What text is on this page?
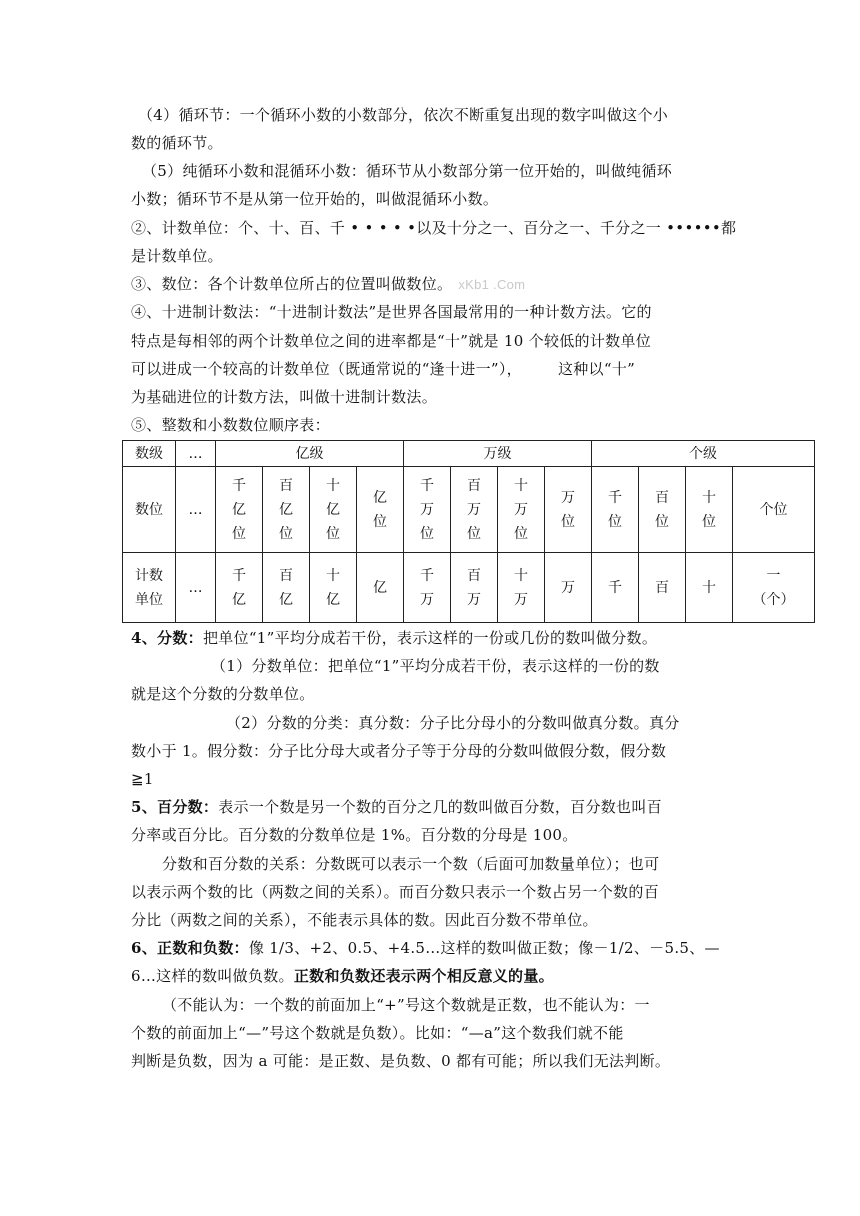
（4）循环节：一个循环小数的小数部分，依次不断重复出现的数字叫做这个小
数的循环节。
（5）纯循环小数和混循环小数：循环节从小数部分第一位开始的，叫做纯循环
小数；循环节不是从第一位开始的，叫做混循环小数。
②、计数单位：个、十、百、千 • • • • •以及十分之一、百分之一、千分之一 ••••••都
是计数单位。
③、数位：各个计数单位所占的位置叫做数位。 xKb1 .Com
④、十进制计数法：“十进制计数法”是世界各国最常用的一种计数方法。它的
特点是每相邻的两个计数单位之间的进率都是“十”就是 10 个较低的计数单位
可以进成一个较高的计数单位（既通常说的“逢十进一”）， 这种以“十”
为基础进位的计数方法，叫做十进制计数法。
⑤、整数和小数数位顺序表：
数级	…	亿级				万级				个级			
数位	…	千
亿
位	百
亿
位	十
亿
位	亿
位	千
万
位	百
万
位	十
万
位	万
位	千
位	百
位	十
位	个位
计数
单位	…	千
亿	百
亿	十
亿	亿	千
万	百
万	十
万	万	千	百	十	一
（个）
4、分数：把单位“1”平均分成若干份，表示这样的一份或几份的数叫做分数。
（1）分数单位：把单位“1”平均分成若干份，表示这样的一份的数
就是这个分数的分数单位。
（2）分数的分类：真分数：分子比分母小的分数叫做真分数。真分
数小于 1。假分数：分子比分母大或者分子等于分母的分数叫做假分数，假分数
≧1
5、百分数：表示一个数是另一个数的百分之几的数叫做百分数，百分数也叫百
分率或百分比。百分数的分数单位是 1%。百分数的分母是 100。
分数和百分数的关系：分数既可以表示一个数（后面可加数量单位）；也可
以表示两个数的比（两数之间的关系）。而百分数只表示一个数占另一个数的百
分比（两数之间的关系），不能表示具体的数。因此百分数不带单位。
6、正数和负数：像 1/3、+2、0.5、+4.5…这样的数叫做正数；像－1/2、－5.5、—
6…这样的数叫做负数。正数和负数还表示两个相反意义的量。
（不能认为：一个数的前面加上“+”号这个数就是正数，也不能认为：一
个数的前面加上“—”号这个数就是负数）。比如：“—a”这个数我们就不能
判断是负数，因为 a 可能：是正数、是负数、0 都有可能；所以我们无法判断。
